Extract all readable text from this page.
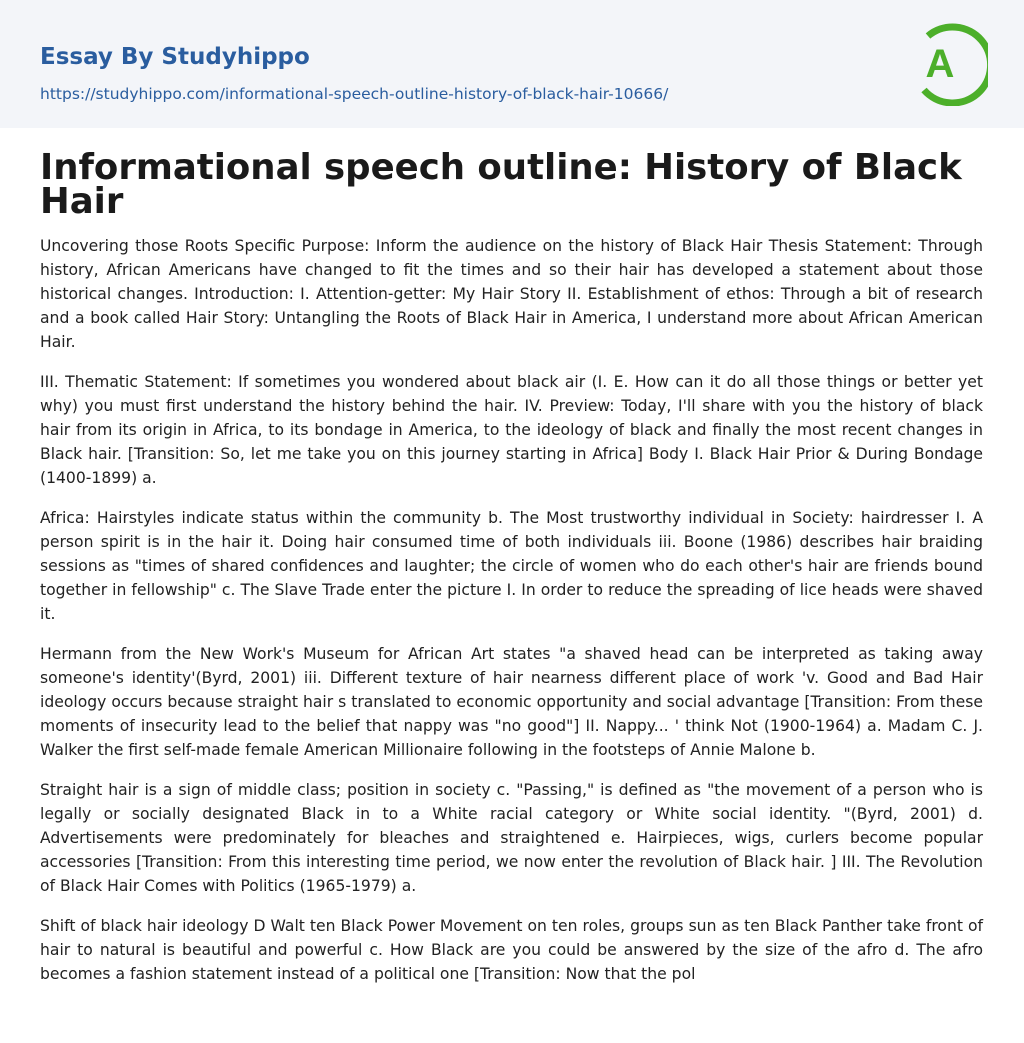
Essay By Studyhippo
https://studyhippo.com/informational-speech-outline-history-of-black-hair-10666/
A
Informational speech outline: History of Black Hair

Uncovering those Roots Specific Purpose: Inform the audience on the history of Black Hair Thesis Statement: Through history, African Americans have changed to fit the times and so their hair has developed a statement about those historical changes. Introduction: I. Attention-getter: My Hair Story II. Establishment of ethos: Through a bit of research and a book called Hair Story: Untangling the Roots of Black Hair in America, I understand more about African American Hair.

III. Thematic Statement: If sometimes you wondered about black air (I. E. How can it do all those things or better yet why) you must first understand the history behind the hair. IV. Preview: Today, I'll share with you the history of black hair from its origin in Africa, to its bondage in America, to the ideology of black and finally the most recent changes in Black hair. [Transition: So, let me take you on this journey starting in Africa] Body I. Black Hair Prior & During Bondage (1400-1899) a.

Africa: Hairstyles indicate status within the community b. The Most trustworthy individual in Society: hairdresser I. A person spirit is in the hair it. Doing hair consumed time of both individuals iii. Boone (1986) describes hair braiding sessions as "times of shared confidences and laughter; the circle of women who do each other's hair are friends bound together in fellowship" c. The Slave Trade enter the picture I. In order to reduce the spreading of lice heads were shaved it.

Hermann from the New Work's Museum for African Art states "a shaved head can be interpreted as taking away someone's identity'(Byrd, 2001) iii. Different texture of hair nearness different place of work 'v. Good and Bad Hair ideology occurs because straight hair s translated to economic opportunity and social advantage [Transition: From these moments of insecurity lead to the belief that nappy was "no good"] II. Nappy... ' think Not (1900-1964) a. Madam C. J. Walker the first self-made female American Millionaire following in the footsteps of Annie Malone b.

Straight hair is a sign of middle class; position in society c. "Passing," is defined as "the movement of a person who is legally or socially designated Black in to a White racial category or White social identity. "(Byrd, 2001) d. Advertisements were predominately for bleaches and straightened e. Hairpieces, wigs, curlers become popular accessories [Transition: From this interesting time period, we now enter the revolution of Black hair. ] III. The Revolution of Black Hair Comes with Politics (1965-1979) a.

Shift of black hair ideology D Walt ten Black Power Movement on ten roles, groups sun as ten Black Panther take front of hair to natural is beautiful and powerful c. How Black are you could be answered by the size of the afro d. The afro becomes a fashion statement instead of a political one [Transition: Now that the pol
